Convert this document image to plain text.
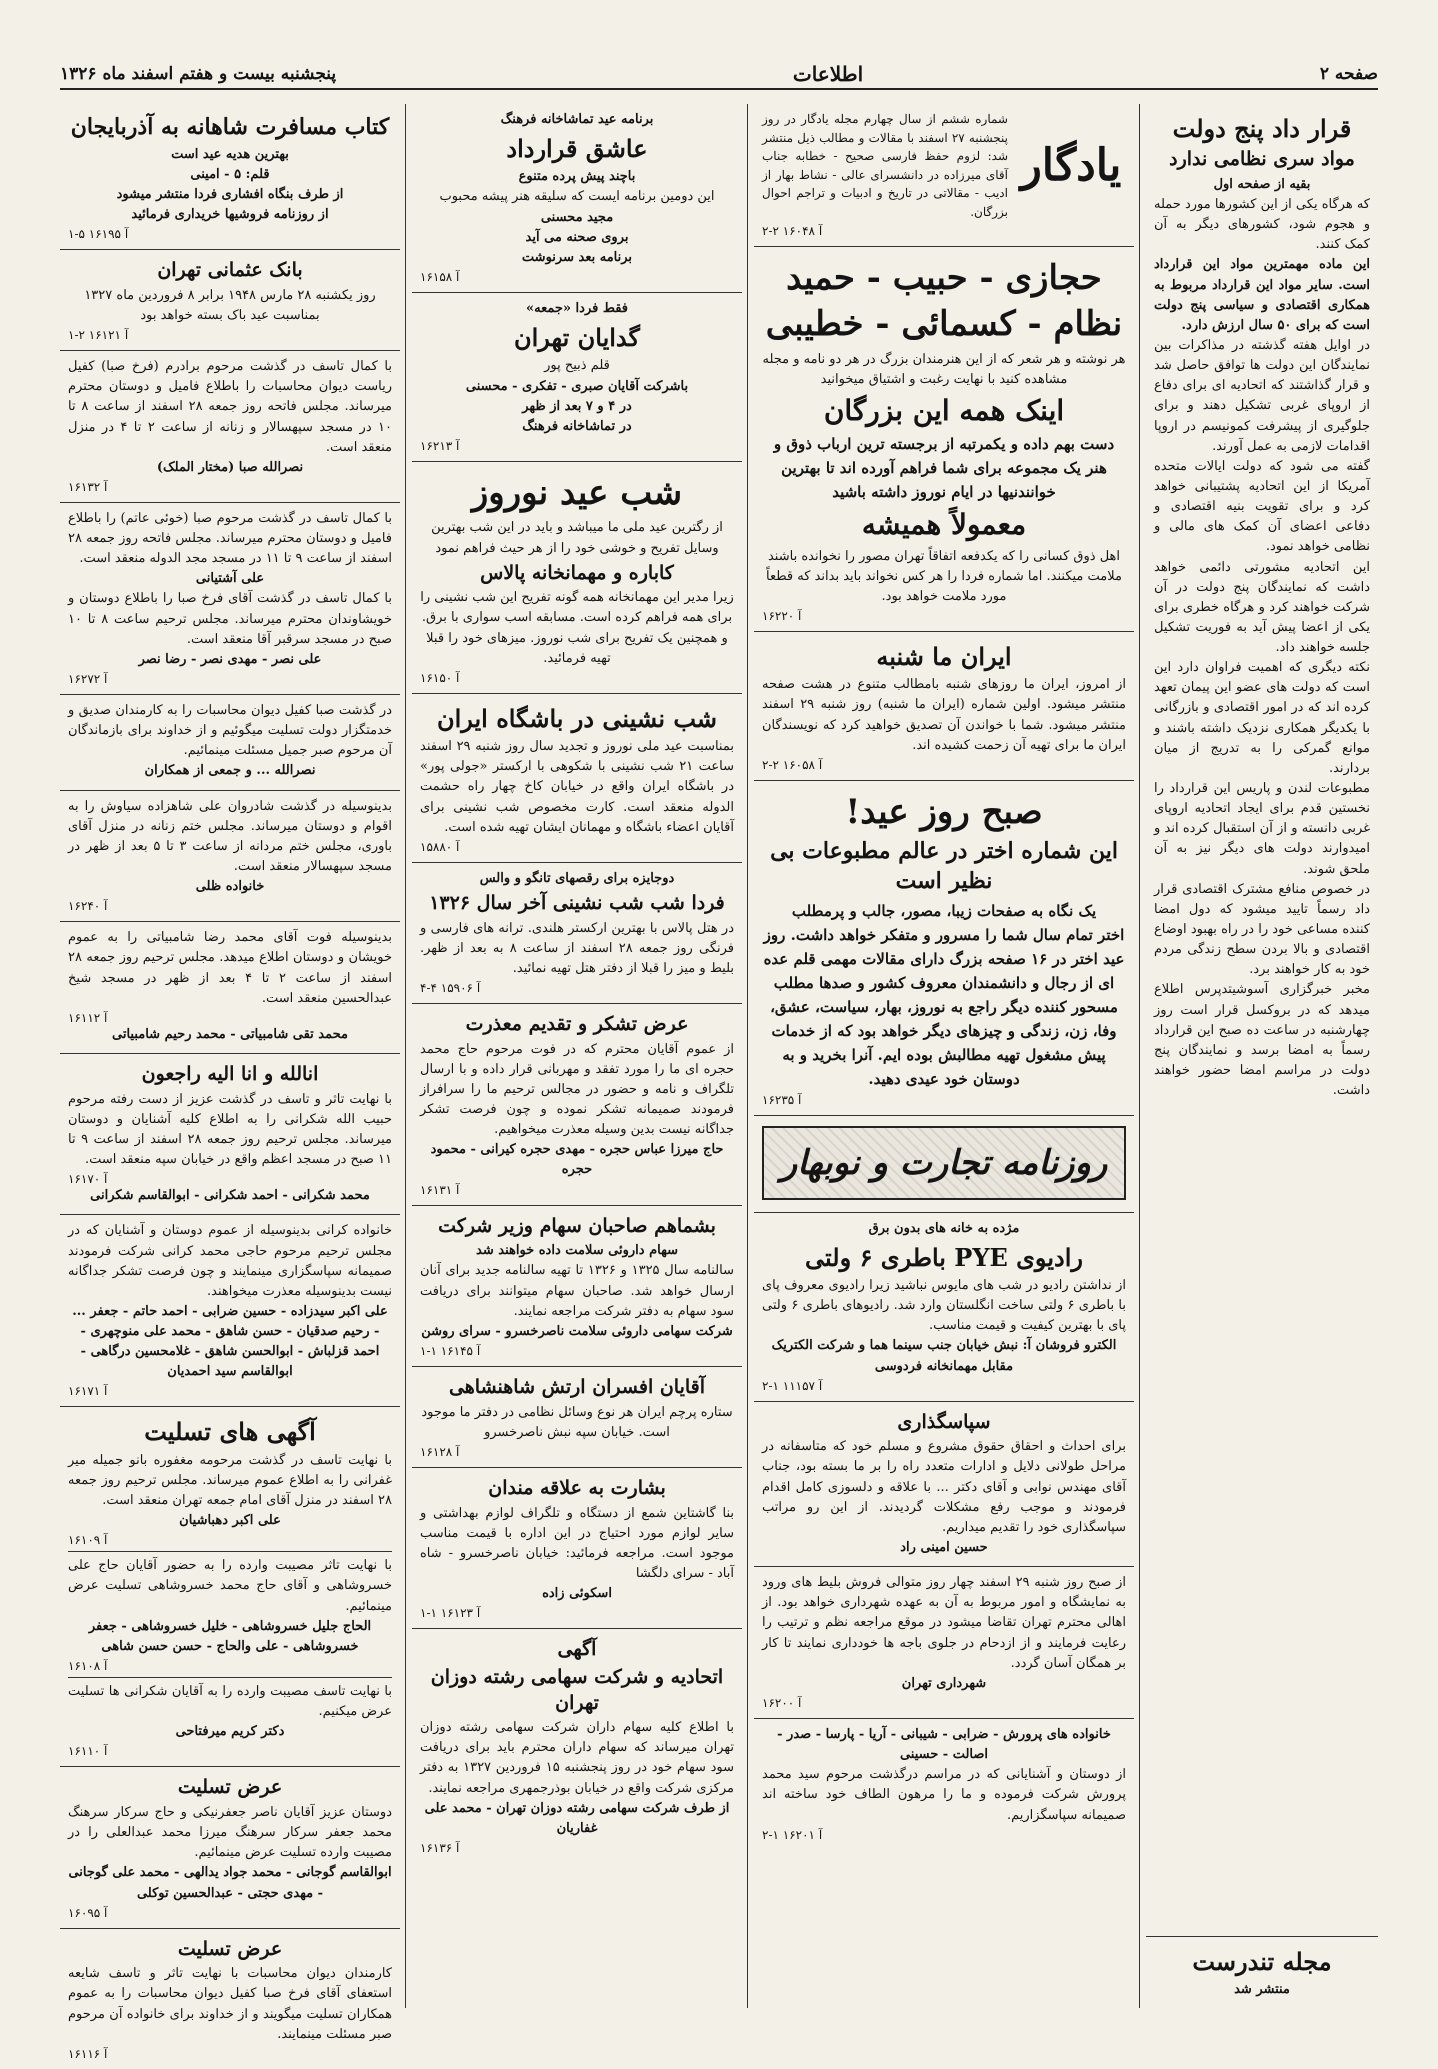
صفحه ۲
اطلاعات
پنجشنبه بیست و هفتم اسفند ماه ۱۳۲۶
قرار داد پنج دولت
مواد سری نظامی ندارد
بقیه از صفحه اول

که هرگاه یکی از این کشورها مورد حمله و هجوم شود، کشورهای دیگر به آن کمک کنند.

این ماده مهمترین مواد این قرارداد است. سایر مواد این قرارداد مربوط به همکاری اقتصادی و سیاسی پنج دولت است که برای ۵۰ سال ارزش دارد.

در اوایل هفته گذشته در مذاکرات بین نمایندگان این دولت ها توافق حاصل شد و قرار گذاشتند که اتحادیه ای برای دفاع از اروپای غربی تشکیل دهند و برای جلوگیری از پیشرفت کمونیسم در اروپا اقدامات لازمی به عمل آورند.

گفته می شود که دولت ایالات متحده آمریکا از این اتحادیه پشتیبانی خواهد کرد و برای تقویت بنیه اقتصادی و دفاعی اعضای آن کمک های مالی و نظامی خواهد نمود.

این اتحادیه مشورتی دائمی خواهد داشت که نمایندگان پنج دولت در آن شرکت خواهند کرد و هرگاه خطری برای یکی از اعضا پیش آید به فوریت تشکیل جلسه خواهند داد.

نکته دیگری که اهمیت فراوان دارد این است که دولت های عضو این پیمان تعهد کرده اند که در امور اقتصادی و بازرگانی با یکدیگر همکاری نزدیک داشته باشند و موانع گمرکی را به تدریج از میان بردارند.

مطبوعات لندن و پاریس این قرارداد را نخستین قدم برای ایجاد اتحادیه اروپای غربی دانسته و از آن استقبال کرده اند و امیدوارند دولت های دیگر نیز به آن ملحق شوند.

در خصوص منافع مشترک اقتصادی قرار داد رسماً تایید میشود که دول امضا کننده مساعی خود را در راه بهبود اوضاع اقتصادی و بالا بردن سطح زندگی مردم خود به کار خواهند برد.

مخبر خبرگزاری آسوشیتدپرس اطلاع میدهد که در بروکسل قرار است روز چهارشنبه در ساعت ده صبح این قرارداد رسماً به امضا برسد و نمایندگان پنج دولت در مراسم امضا حضور خواهند داشت.

مجله تندرست
منتشر شد
یادگار

شماره ششم از سال چهارم مجله یادگار در روز پنجشنبه ۲۷ اسفند با مقالات و مطالب ذیل منتشر شد: لزوم حفظ فارسی صحیح - خطابه جناب آقای میرزاده در دانشسرای عالی - نشاط بهار از ادیب - مقالاتی در تاریخ و ادبیات و تراجم احوال بزرگان.

۲-۲ ۱۶۰۴۸ آ
حجازی - حبیب - حمید
نظام - کسمائی - خطیبی

هر نوشته و هر شعر که از این هنرمندان بزرگ در هر دو نامه و مجله مشاهده کنید با نهایت رغبت و اشتیاق میخوانید

اینک همه این بزرگان

دست بهم داده و یکمرتبه از برجسته ترین ارباب ذوق و هنر یک مجموعه برای شما فراهم آورده اند تا بهترین خوانندنیها در ایام نوروز داشته باشید

معمولاً همیشه

اهل ذوق کسانی را که یکدفعه اتفاقاً تهران مصور را نخوانده باشند ملامت میکنند. اما شماره فردا را هر کس نخواند باید بداند که قطعاً مورد ملامت خواهد بود.

۱۶۲۲۰ آ
ایران ما شنبه

از امروز، ایران ما روزهای شنبه بامطالب متنوع در هشت صفحه منتشر میشود. اولین شماره (ایران ما شنبه) روز شنبه ۲۹ اسفند منتشر میشود. شما با خواندن آن تصدیق خواهید کرد که نویسندگان ایران ما برای تهیه آن زحمت کشیده اند.

۲-۲ ۱۶۰۵۸ آ
صبح روز عید!
این شماره اختر در عالم مطبوعات بی نظیر است
یک نگاه به صفحات زیبا، مصور، جالب و پرمطلب

اختر تمام سال شما را مسرور و متفکر خواهد داشت. روز عید اختر در ۱۶ صفحه بزرگ دارای مقالات مهمی قلم عده ای از رجال و دانشمندان معروف کشور و صدها مطلب مسحور کننده دیگر راجع به نوروز، بهار، سیاست، عشق، وفا، زن، زندگی و چیزهای دیگر خواهد بود که از خدمات پیش مشغول تهیه مطالبش بوده ایم. آنرا بخرید و به دوستان خود عیدی دهید.

۱۶۲۳۵ آ
روزنامه تجارت و نوبهار
مژده به خانه های بدون برق
رادیوی PYE باطری ۶ ولتی

از نداشتن رادیو در شب های مایوس نباشید زیرا رادیوی معروف پای با باطری ۶ ولتی ساخت انگلستان وارد شد. رادیوهای باطری ۶ ولتی پای با بهترین کیفیت و قیمت مناسب.

الکترو فروشان آ: نبش خیابان جنب سینما هما و شرکت الکتریک مقابل مهمانخانه فردوسی

۲-۱ ۱۱۱۵۷ آ
سپاسگذاری

برای احداث و احقاق حقوق مشروع و مسلم خود که متاسفانه در مراحل طولانی دلایل و ادارات متعدد راه را بر ما بسته بود، جناب آقای مهندس نوابی و آقای دکتر ... با علاقه و دلسوزی کامل اقدام فرمودند و موجب رفع مشکلات گردیدند. از این رو مراتب سپاسگذاری خود را تقدیم میداریم.

حسین امینی راد

از صبح روز شنبه ۲۹ اسفند چهار روز متوالی فروش بلیط های ورود به نمایشگاه و امور مربوط به آن به عهده شهرداری خواهد بود. از اهالی محترم تهران تقاضا میشود در موقع مراجعه نظم و ترتیب را رعایت فرمایند و از ازدحام در جلوی باجه ها خودداری نمایند تا کار بر همگان آسان گردد.

شهرداری تهران
۱۶۲۰۰ آ
خانواده های پرورش - ضرابی - شیبانی - آریا - پارسا - صدر - اصالت - حسینی

از دوستان و آشنایانی که در مراسم درگذشت مرحوم سید محمد پرورش شرکت فرموده و ما را مرهون الطاف خود ساخته اند صمیمانه سپاسگزاریم.

۲-۱ ۱۶۲۰۱ آ
برنامه عید تماشاخانه فرهنگ
عاشق قرارداد
باچند پیش پرده متنوع

این دومین برنامه ایست که سلیقه هنر پیشه محبوب

مجید محسنی
بروی صحنه می آید
برنامه بعد سرنوشت
۱۶۱۵۸ آ
فقط فردا «جمعه»
گدایان تهران
قلم ذبیح پور
باشرکت آقایان صبری - تفکری - محسنی
در ۴ و ۷ بعد از ظهر
در تماشاخانه فرهنگ
۱۶۲۱۳ آ
شب عید نوروز

از رگترین عید ملی ما میباشد و باید در این شب بهترین وسایل تفریح و خوشی خود را از هر حیث فراهم نمود

کاباره و مهمانخانه پالاس

زیرا مدیر این مهمانخانه همه گونه تفریح این شب نشینی را برای همه فراهم کرده است. مسابقه اسب سواری با برق. و همچنین یک تفریح برای شب نوروز. میزهای خود را قبلا تهیه فرمائید.

۱۶۱۵۰ آ
شب نشینی در باشگاه ایران

بمناسبت عید ملی نوروز و تجدید سال روز شنبه ۲۹ اسفند ساعت ۲۱ شب نشینی با شکوهی با ارکستر «جولی پور» در باشگاه ایران واقع در خیابان کاخ چهار راه حشمت الدوله منعقد است. کارت مخصوص شب نشینی برای آقایان اعضاء باشگاه و مهمانان ایشان تهیه شده است.

۱۵۸۸۰ آ
دوجایزه برای رقصهای تانگو و والس
فردا شب شب نشینی آخر سال ۱۳۲۶

در هتل پالاس با بهترین ارکستر هلندی. ترانه های فارسی و فرنگی روز جمعه ۲۸ اسفند از ساعت ۸ به بعد از ظهر. بلیط و میز را قبلا از دفتر هتل تهیه نمائید.

۴-۴ ۱۵۹۰۶ آ
عرض تشکر و تقدیم معذرت

از عموم آقایان محترم که در فوت مرحوم حاج محمد حجره ای ما را مورد تفقد و مهربانی قرار داده و با ارسال تلگراف و نامه و حضور در مجالس ترحیم ما را سرافراز فرمودند صمیمانه تشکر نموده و چون فرصت تشکر جداگانه نیست بدین وسیله معذرت میخواهیم.

حاج میرزا عباس حجره - مهدی حجره کیرانی - محمود حجره
۱۶۱۳۱ آ
بشماهم صاحبان سهام وزیر شرکت
سهام داروئی سلامت داده خواهند شد

سالنامه سال ۱۳۲۵ و ۱۳۲۶ تا تهیه سالنامه جدید برای آنان ارسال خواهد شد. صاحبان سهام میتوانند برای دریافت سود سهام به دفتر شرکت مراجعه نمایند.

شرکت سهامی داروئی سلامت ناصرخسرو - سرای روشن
۱-۱ ۱۶۱۴۵ آ
آقایان افسران ارتش شاهنشاهی

ستاره پرچم ایران هر نوع وسائل نظامی در دفتر ما موجود است. خیابان سپه نبش ناصرخسرو

۱۶۱۲۸ آ
بشارت به علاقه مندان

بنا گاشتاین شمع از دستگاه و تلگراف لوازم بهداشتی و سایر لوازم مورد احتیاج در این اداره با قیمت مناسب موجود است. مراجعه فرمائید: خیابان ناصرخسرو - شاه آباد - سرای دلگشا

اسکوئی زاده
۱-۱ ۱۶۱۲۳ آ
آگهی
اتحادیه و شرکت سهامی رشته دوزان تهران

با اطلاع کلیه سهام داران شرکت سهامی رشته دوزان تهران میرساند که سهام داران محترم باید برای دریافت سود سهام خود در روز پنجشنبه ۱۵ فروردین ۱۳۲۷ به دفتر مرکزی شرکت واقع در خیابان بوذرجمهری مراجعه نمایند.

از طرف شرکت سهامی رشته دوزان تهران - محمد علی غفاریان
۱۶۱۳۶ آ
کتاب مسافرت شاهانه به آذربایجان
بهترین هدیه عید است
قلم: ۵ - امینی
از طرف بنگاه افشاری فردا منتشر میشود
از روزنامه فروشیها خریداری فرمائید
۱-۵ ۱۶۱۹۵ آ
بانک عثمانی تهران

روز یکشنبه ۲۸ مارس ۱۹۴۸ برابر ۸ فروردین ماه ۱۳۲۷ بمناسبت عید باک بسته خواهد بود

۱-۲ ۱۶۱۲۱ آ

با کمال تاسف در گذشت مرحوم برادرم (فرخ صبا) کفیل ریاست دیوان محاسبات را باطلاع فامیل و دوستان محترم میرساند. مجلس فاتحه روز جمعه ۲۸ اسفند از ساعت ۸ تا ۱۰ در مسجد سپهسالار و زنانه از ساعت ۲ تا ۴ در منزل منعقد است.

نصرالله صبا (مختار الملک)
۱۶۱۳۲ آ

با کمال تاسف در گذشت مرحوم صبا (خوئی عاتم) را باطلاع فامیل و دوستان محترم میرساند. مجلس فاتحه روز جمعه ۲۸ اسفند از ساعت ۹ تا ۱۱ در مسجد مجد الدوله منعقد است.

علی آشتیانی

با کمال تاسف در گذشت آقای فرخ صبا را باطلاع دوستان و خویشاوندان محترم میرساند. مجلس ترحیم ساعت ۸ تا ۱۰ صبح در مسجد سرقبر آقا منعقد است.

علی نصر - مهدی نصر - رضا نصر
۱۶۲۷۲ آ

در گذشت صبا کفیل دیوان محاسبات را به کارمندان صدیق و خدمتگزار دولت تسلیت میگوئیم و از خداوند برای بازماندگان آن مرحوم صبر جمیل مسئلت مینمائیم.

نصرالله ... و جمعی از همکاران

بدینوسیله در گذشت شادروان علی شاهزاده سیاوش را به اقوام و دوستان میرساند. مجلس ختم زنانه در منزل آقای باوری، مجلس ختم مردانه از ساعت ۳ تا ۵ بعد از ظهر در مسجد سپهسالار منعقد است.

خانواده ظلی
۱۶۲۴۰ آ

بدینوسیله فوت آقای محمد رضا شامبیاتی را به عموم خویشان و دوستان اطلاع میدهد. مجلس ترحیم روز جمعه ۲۸ اسفند از ساعت ۲ تا ۴ بعد از ظهر در مسجد شیخ عبدالحسین منعقد است.

۱۶۱۱۲ آ
محمد تقی شامبیاتی - محمد رحیم شامبیاتی
انالله و انا الیه راجعون

با نهایت تاثر و تاسف در گذشت عزیز از دست رفته مرحوم حبیب الله شکرانی را به اطلاع کلیه آشنایان و دوستان میرساند. مجلس ترحیم روز جمعه ۲۸ اسفند از ساعت ۹ تا ۱۱ صبح در مسجد اعظم واقع در خیابان سپه منعقد است.

۱۶۱۷۰ آ
محمد شکرانی - احمد شکرانی - ابوالقاسم شکرانی

خانواده کرانی بدینوسیله از عموم دوستان و آشنایان که در مجلس ترحیم مرحوم حاجی محمد کرانی شرکت فرمودند صمیمانه سپاسگزاری مینمایند و چون فرصت تشکر جداگانه نیست بدینوسیله معذرت میخواهند.

علی اکبر سیدزاده - حسین ضرابی - احمد حاتم - جعفر ... - رحیم صدقیان - حسن شاهق - محمد علی منوچهری - احمد قزلباش - ابوالحسن شاهق - غلامحسین درگاهی - ابوالقاسم سید احمدیان
۱۶۱۷۱ آ
آگهی های تسلیت

با نهایت تاسف در گذشت مرحومه مغفوره بانو جمیله میر غفرانی را به اطلاع عموم میرساند. مجلس ترحیم روز جمعه ۲۸ اسفند در منزل آقای امام جمعه تهران منعقد است.

علی اکبر دهباشیان
۱۶۱۰۹ آ

با نهایت تاثر مصیبت وارده را به حضور آقایان حاج علی خسروشاهی و آقای حاج محمد خسروشاهی تسلیت عرض مینمائیم.

الحاج جلیل خسروشاهی - خلیل خسروشاهی - جعفر خسروشاهی - علی والحاج - حسن حسن شاهی
۱۶۱۰۸ آ

با نهایت تاسف مصیبت وارده را به آقایان شکرانی ها تسلیت عرض میکنیم.

دکتر کریم میرفتاحی
۱۶۱۱۰ آ
عرض تسلیت

دوستان عزیز آقایان ناصر جعفرنیکی و حاج سرکار سرهنگ محمد جعفر سرکار سرهنگ میرزا محمد عبدالعلی را در مصیبت وارده تسلیت عرض مینمائیم.

ابوالقاسم گوجانی - محمد جواد یدالهی - محمد علی گوجانی - مهدی حجتی - عبدالحسین توکلی
۱۶۰۹۵ آ
عرض تسلیت

کارمندان دیوان محاسبات با نهایت تاثر و تاسف شایعه استعفای آقای فرخ صبا کفیل دیوان محاسبات را به عموم همکاران تسلیت میگویند و از خداوند برای خانواده آن مرحوم صبر مسئلت مینمایند.

۱۶۱۱۶ آ
